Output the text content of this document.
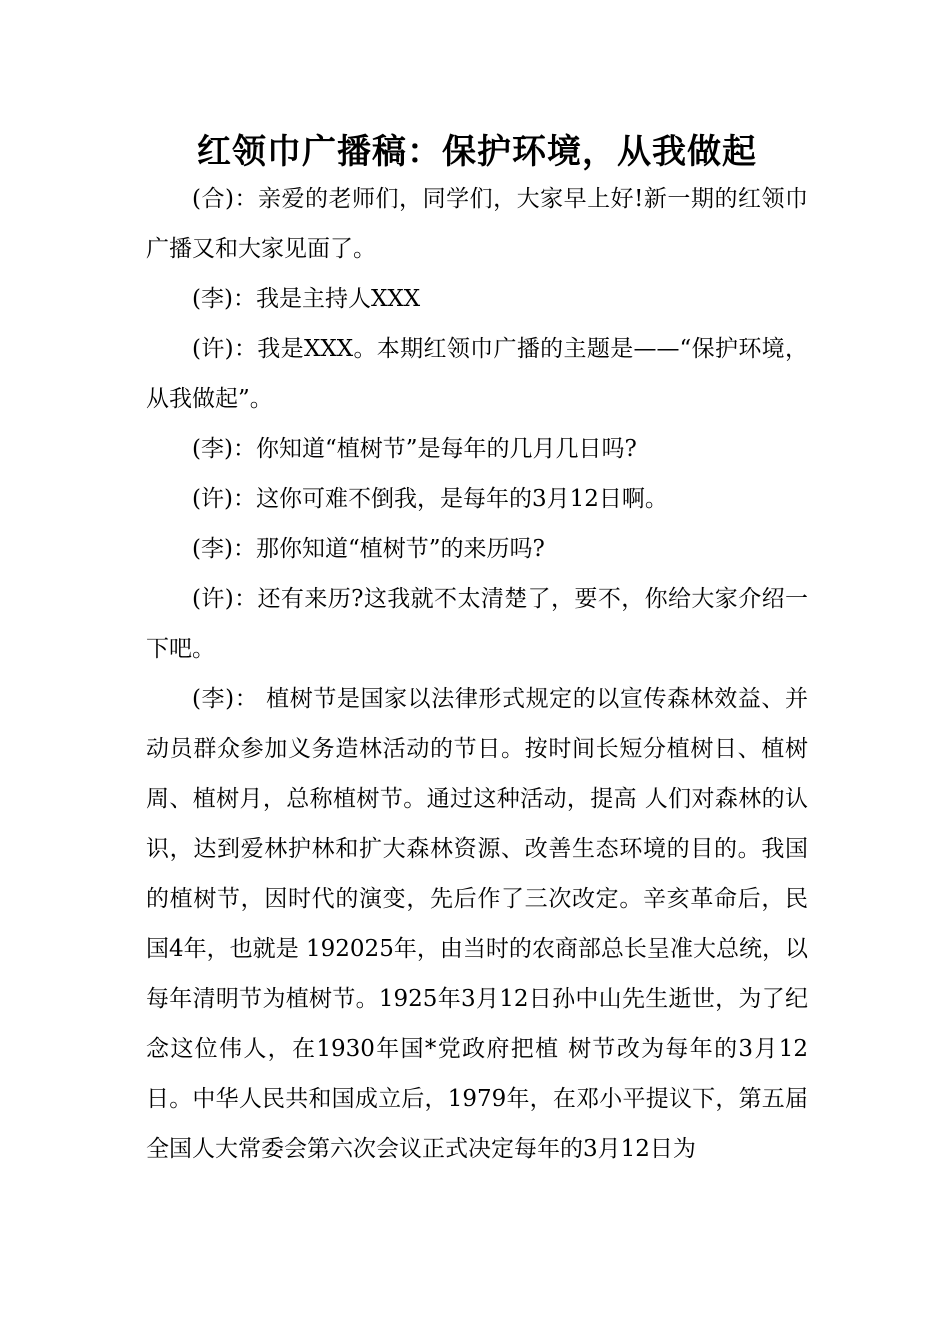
红领巾广播稿：保护环境，从我做起

(合)：亲爱的老师们，同学们，大家早上好!新一期的红领巾广播又和大家见面了。

(李)：我是主持人XXX

(许)：我是XXX。本期红领巾广播的主题是——“保护环境，从我做起”。

(李)：你知道“植树节”是每年的几月几日吗?

(许)：这你可难不倒我，是每年的3月12日啊。

(李)：那你知道“植树节”的来历吗?

(许)：还有来历?这我就不太清楚了，要不，你给大家介绍一下吧。

(李)： 植树节是国家以法律形式规定的以宣传森林效益、并动员群众参加义务造林活动的节日。按时间长短分植树日、植树周、植树月，总称植树节。通过这种活动，提高 人们对森林的认识，达到爱林护林和扩大森林资源、改善生态环境的目的。我国的植树节，因时代的演变，先后作了三次改定。辛亥革命后，民国4年，也就是 192025年，由当时的农商部总长呈准大总统，以每年清明节为植树节。1925年3月12日孙中山先生逝世，为了纪念这位伟人，在1930年国*党政府把植 树节改为每年的3月12日。中华人民共和国成立后，1979年，在邓小平提议下，第五届全国人大常委会第六次会议正式决定每年的3月12日为
